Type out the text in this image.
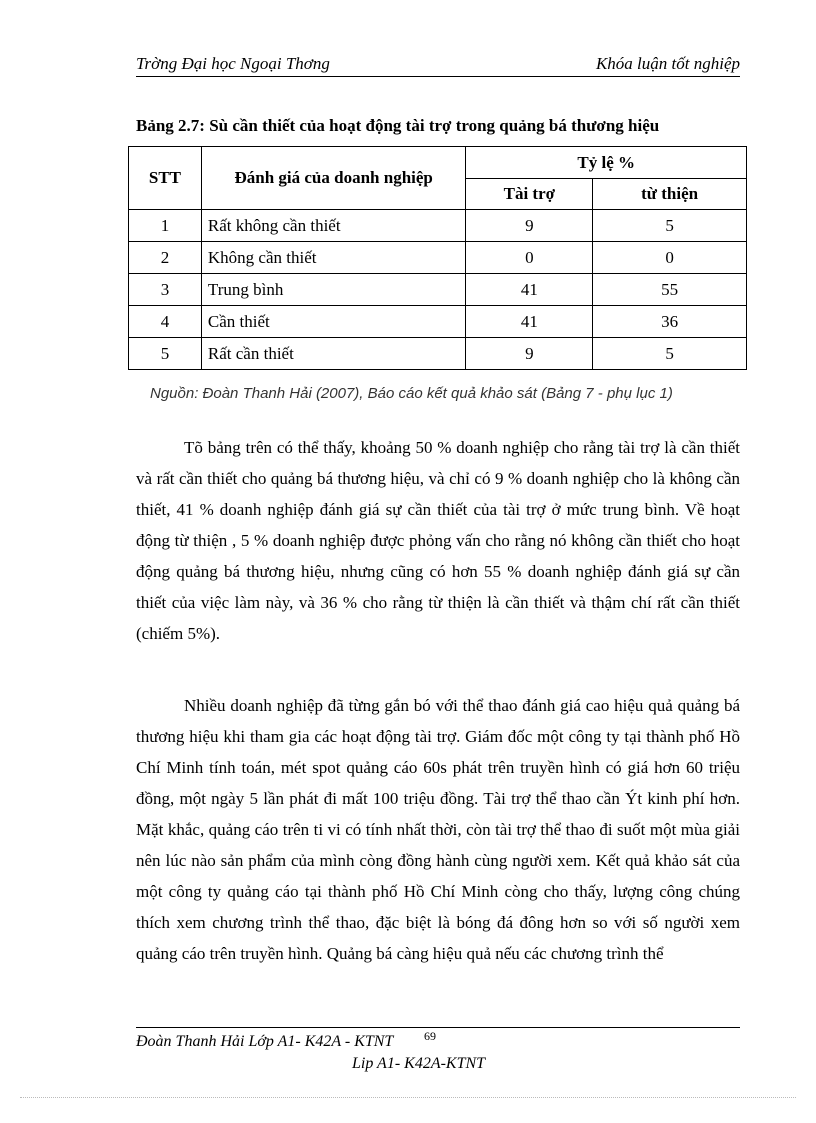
Trờng Đại học Ngoại Thơng	Khóa luận tốt nghiệp
Bảng 2.7: Sù cần thiết của hoạt động tài trợ trong quảng bá thương hiệu
STT	Đánh giá của doanh nghiệp	Tỷ lệ %	
		Tài trợ	từ thiện
1	Rất không cần thiết	9	5
2	Không cần thiết	0	0
3	Trung bình	41	55
4	Cần thiết	41	36
5	Rất cần thiết	9	5
Nguồn: Đoàn Thanh Hải (2007), Báo cáo kết quả khảo sát (Bảng 7 - phụ lục 1)

Tõ bảng trên có thể thấy, khoảng 50 % doanh nghiệp cho rằng tài trợ là cần thiết và rất cần thiết cho quảng bá thương hiệu, và chỉ có 9 % doanh nghiệp cho là không cần thiết, 41 % doanh nghiệp đánh giá sự cần thiết của tài trợ ở mức trung bình. Về hoạt động từ thiện , 5 % doanh nghiệp được phỏng vấn cho rằng nó không cần thiết cho hoạt động quảng bá thương hiệu, nhưng cũng có hơn 55 % doanh nghiệp đánh giá sự cần thiết của việc làm này, và 36 % cho rằng từ thiện là cần thiết và thậm chí rất cần thiết (chiếm 5%).

Nhiều doanh nghiệp đã từng gắn bó với thể thao đánh giá cao hiệu quả quảng bá thương hiệu khi tham gia các hoạt động tài trợ. Giám đốc một công ty tại thành phố Hồ Chí Minh tính toán, mét spot quảng cáo 60s phát trên truyền hình có giá hơn 60 triệu đồng, một ngày 5 lần phát đi mất 100 triệu đồng. Tài trợ thể thao cần Ýt kinh phí hơn. Mặt khắc, quảng cáo trên ti vi có tính nhất thời, còn tài trợ thể thao đi suốt một mùa giải nên lúc nào sản phẩm của mình còng đồng hành cùng người xem. Kết quả khảo sát của một công ty quảng cáo tại thành phố Hồ Chí Minh còng cho thấy, lượng công chúng thích xem chương trình thể thao, đặc biệt là bóng đá đông hơn so với số người xem quảng cáo trên truyền hình. Quảng bá càng hiệu quả nếu các chương trình thể

Đoàn Thanh Hải Lớp A1- K42A - KTNT	69
Lip A1- K42A-KTNT
